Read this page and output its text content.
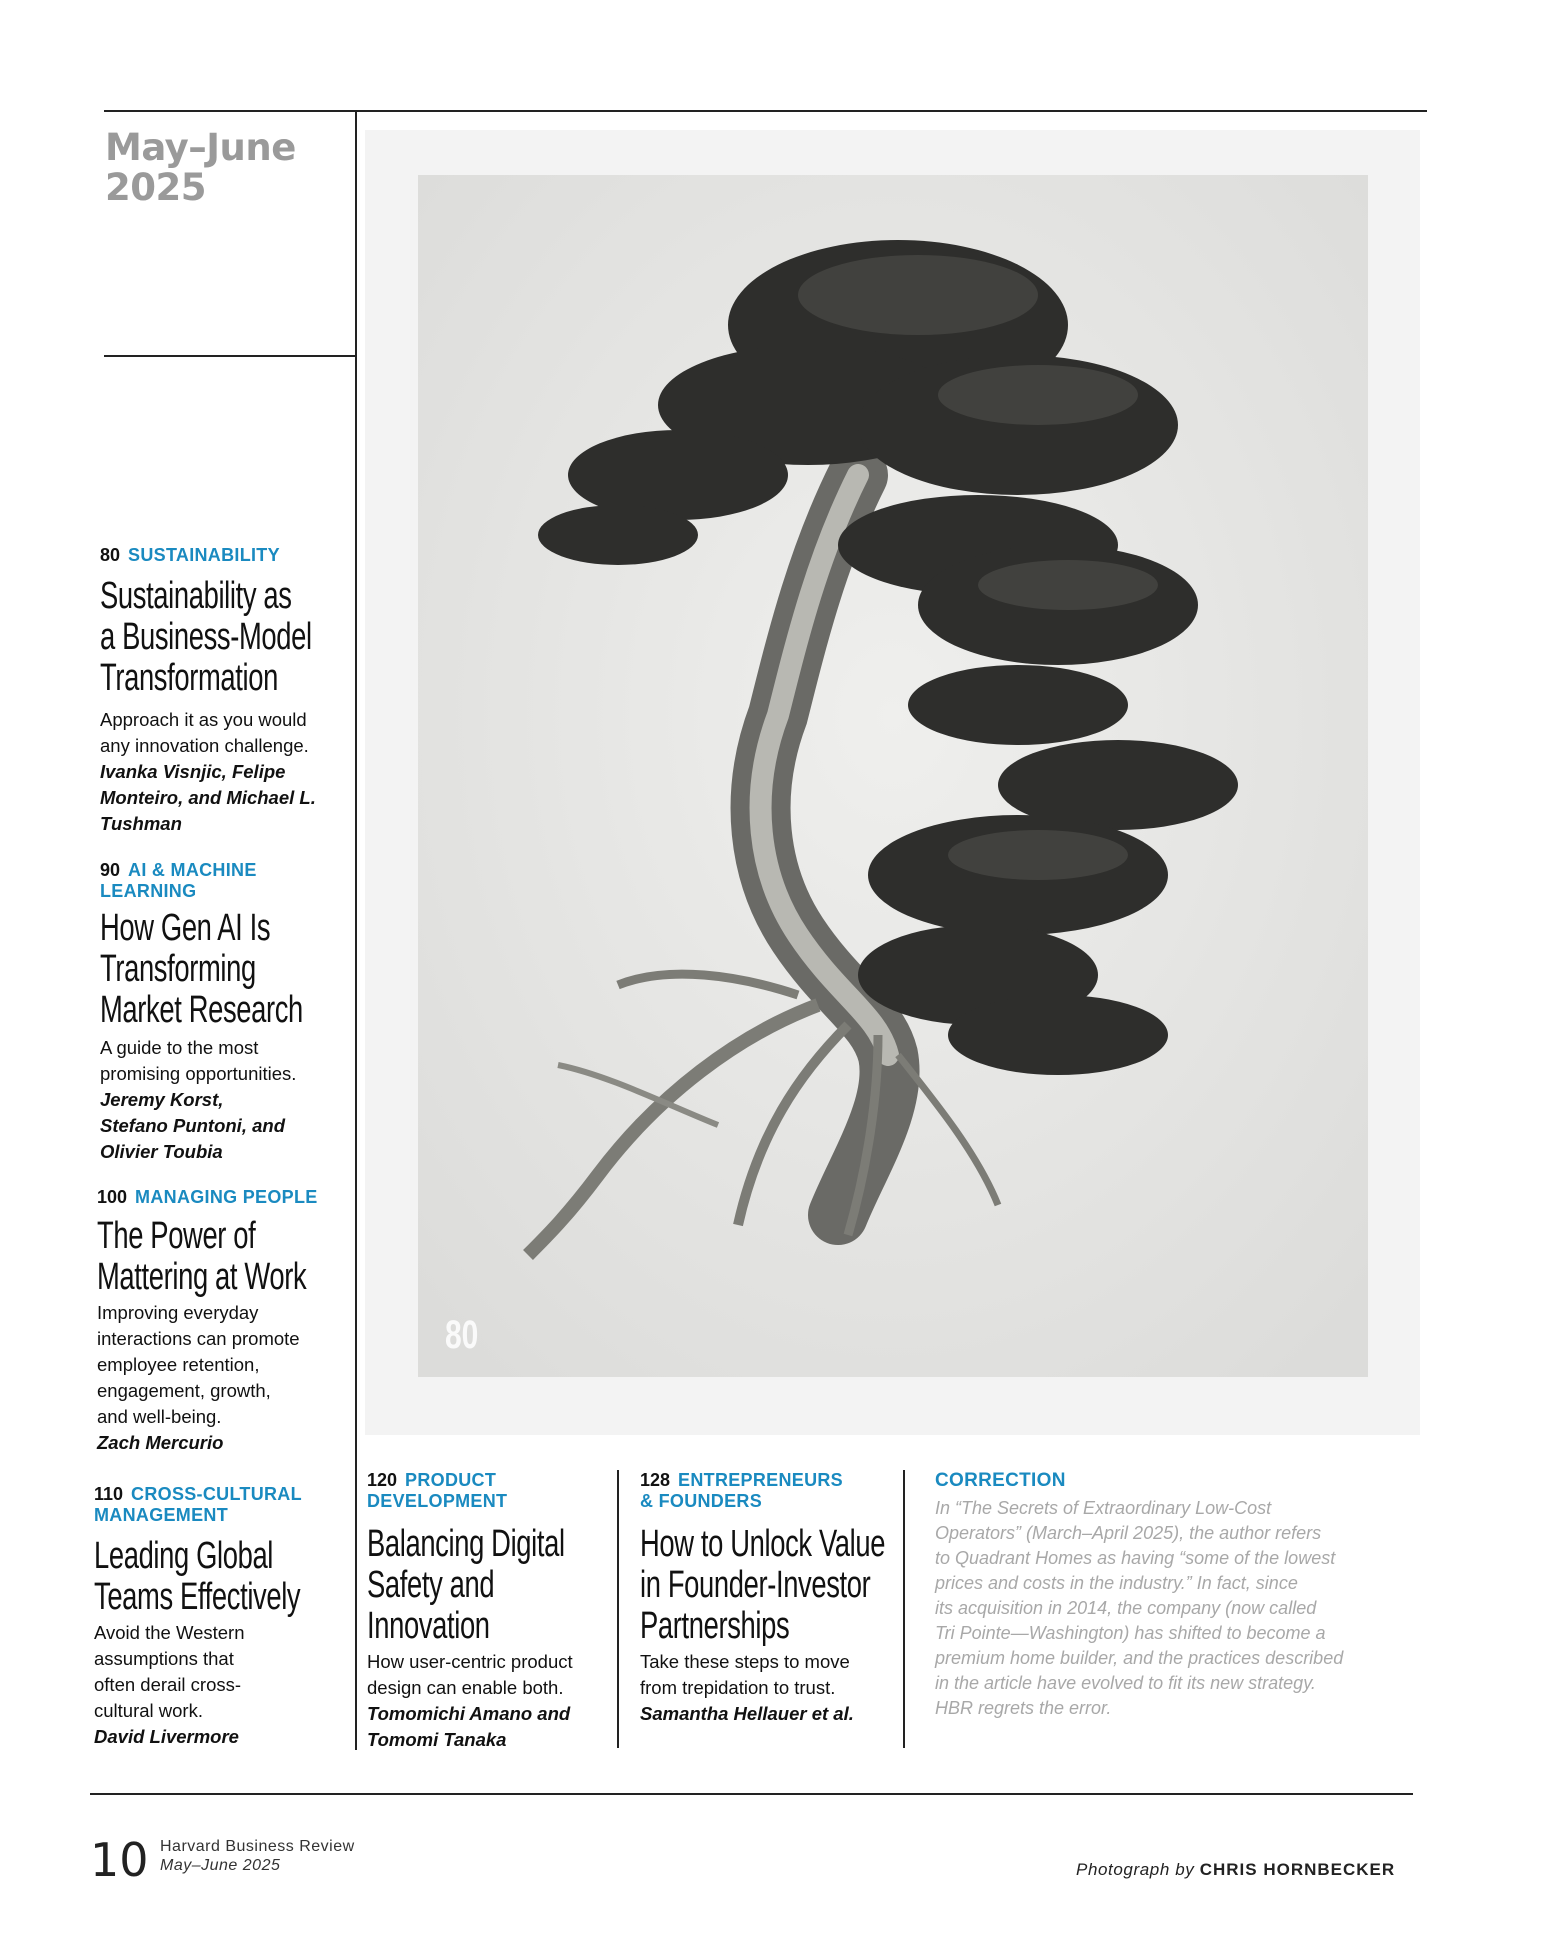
May–June
2025
80
80 SUSTAINABILITY
Sustainability as
a Business-Model
Transformation
Approach it as you would
any innovation challenge.
Ivanka Visnjic, Felipe
Monteiro, and Michael L.
Tushman
90 AI & MACHINE
LEARNING
How Gen AI Is
Transforming
Market Research
A guide to the most
promising opportunities.
Jeremy Korst,
Stefano Puntoni, and
Olivier Toubia
100 MANAGING PEOPLE
The Power of
Mattering at Work
Improving everyday
interactions can promote
employee retention,
engagement, growth,
and well-being.
Zach Mercurio
110 CROSS-CULTURAL
MANAGEMENT
Leading Global
Teams Effectively
Avoid the Western
assumptions that
often derail cross-
cultural work.
David Livermore
120 PRODUCT
DEVELOPMENT
Balancing Digital
Safety and
Innovation
How user-centric product
design can enable both.
Tomomichi Amano and
Tomomi Tanaka
128 ENTREPRENEURS
& FOUNDERS
How to Unlock Value
in Founder-Investor
Partnerships
Take these steps to move
from trepidation to trust.
Samantha Hellauer et al.
CORRECTION
In “The Secrets of Extraordinary Low-Cost
Operators” (March–April 2025), the author refers
to Quadrant Homes as having “some of the lowest
prices and costs in the industry.” In fact, since
its acquisition in 2014, the company (now called
Tri Pointe—Washington) has shifted to become a
premium home builder, and the practices described
in the article have evolved to fit its new strategy.
HBR regrets the error.
10 Harvard Business Review
May–June 2025	Photograph by CHRIS HORNBECKER
